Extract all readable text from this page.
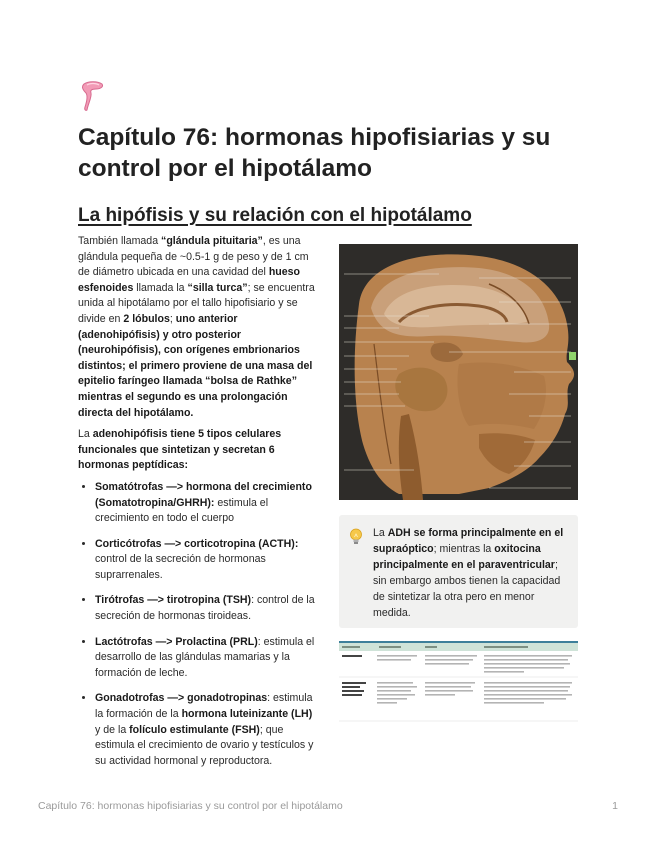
Capítulo 76: hormonas hipofisiarias y su control por el hipotálamo
La hipófisis y su relación con el hipotálamo

También llamada “glándula pituitaria”, es una glándula pequeña de ~0.5-1 g de peso y de 1 cm de diámetro ubicada en una cavidad del hueso esfenoides llamada la “silla turca”; se encuentra unida al hipotálamo por el tallo hipofisiario y se divide en 2 lóbulos; uno anterior (adenohipófisis) y otro posterior (neurohipófisis), con orígenes embrionarios distintos; el primero proviene de una masa del epitelio faríngeo llamada “bolsa de Rathke” mientras el segundo es una prolongación directa del hipotálamo.

La adenohipófisis tiene 5 tipos celulares funcionales que sintetizan y secretan 6 hormonas peptídicas:

• Somatótrofas —> hormona del crecimiento (Somatotropina/GHRH): estimula el crecimiento en todo el cuerpo
• Corticótrofas —> corticotropina (ACTH): control de la secreción de hormonas suprarrenales.
• Tirótrofas —> tirotropina (TSH): control de la secreción de hormonas tiroideas.
• Lactótrofas —> Prolactina (PRL): estimula el desarrollo de las glándulas mamarias y la formación de leche.
• Gonadotrofas —> gonadotropinas: estimula la formación de la hormona luteinizante (LH) y de la folículo estimulante (FSH); que estimula el crecimiento de ovario y testículos y su actividad hormonal y reproductora.
La ADH se forma principalmente en el supraóptico; mientras la oxitocina principalmente en el paraventricular; sin embargo ambos tienen la capacidad de sintetizar la otra pero en menor medida.
Capítulo 76: hormonas hipofisiarias y su control por el hipotálamo	1
